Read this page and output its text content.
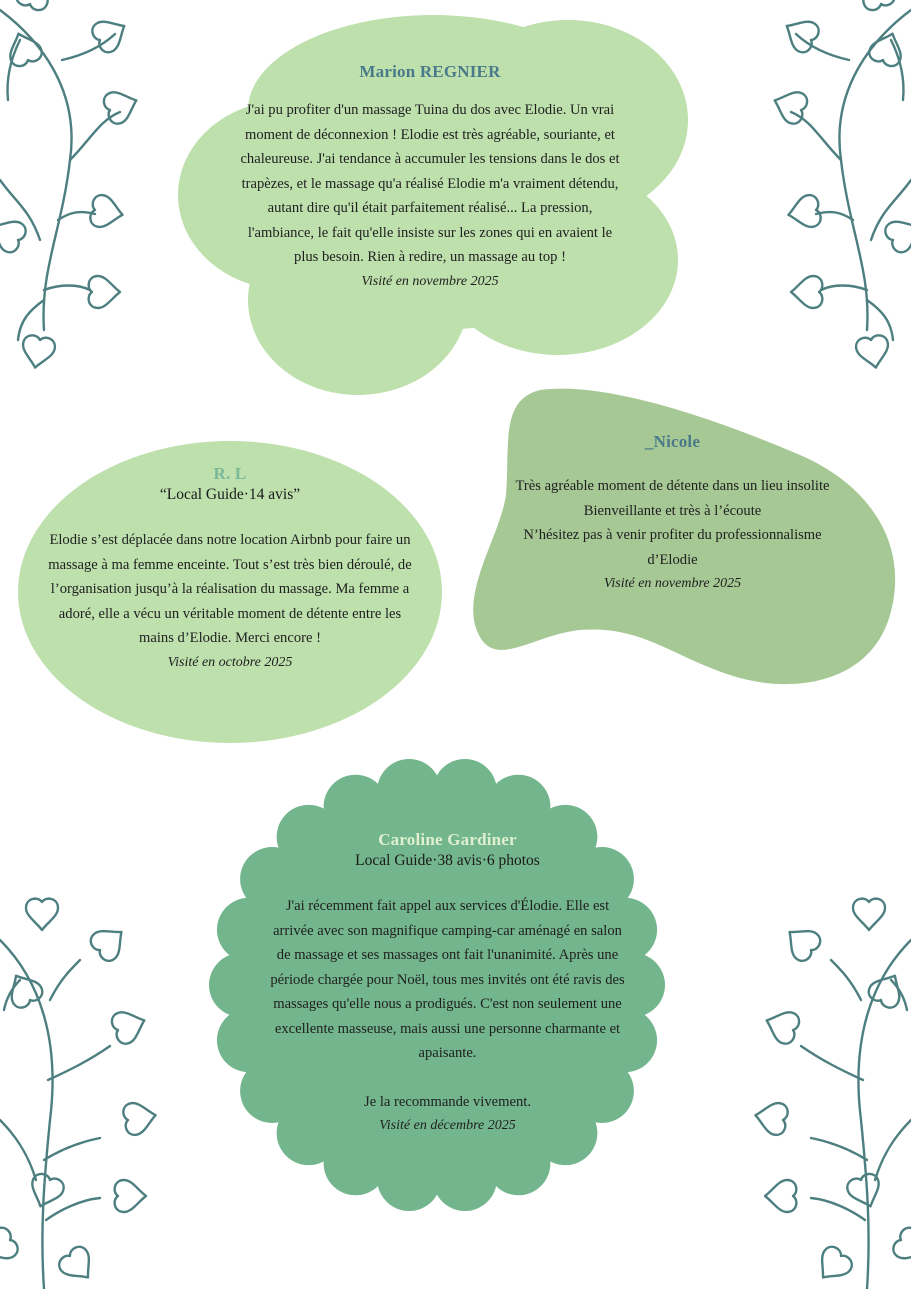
Marion REGNIER

J'ai pu profiter d'un massage Tuina du dos avec Elodie. Un vrai

moment de déconnexion ! Elodie est très agréable, souriante, et

chaleureuse. J'ai tendance à accumuler les tensions dans le dos et

trapèzes, et le massage qu'a réalisé Elodie m'a vraiment détendu,

autant dire qu'il était parfaitement réalisé... La pression,

l'ambiance, le fait qu'elle insiste sur les zones qui en avaient le

plus besoin. Rien à redire, un massage au top !

Visité en novembre 2025

R. L

“Local Guide·14 avis”

Elodie s’est déplacée dans notre location Airbnb pour faire un

massage à ma femme enceinte. Tout s’est très bien déroulé, de

l’organisation jusqu’à la réalisation du massage. Ma femme a

adoré, elle a vécu un véritable moment de détente entre les

mains d’Elodie. Merci encore !

Visité en octobre 2025

_Nicole

Très agréable moment de détente dans un lieu insolite

Bienveillante et très à l’écoute

N’hésitez pas à venir profiter du professionnalisme

d’Elodie

Visité en novembre 2025

Caroline Gardiner

Local Guide·38 avis·6 photos

J'ai récemment fait appel aux services d'Élodie. Elle est

arrivée avec son magnifique camping-car aménagé en salon

de massage et ses massages ont fait l'unanimité. Après une

période chargée pour Noël, tous mes invités ont été ravis des

massages qu'elle nous a prodigués. C'est non seulement une

excellente masseuse, mais aussi une personne charmante et

apaisante.

Je la recommande vivement.

Visité en décembre 2025
